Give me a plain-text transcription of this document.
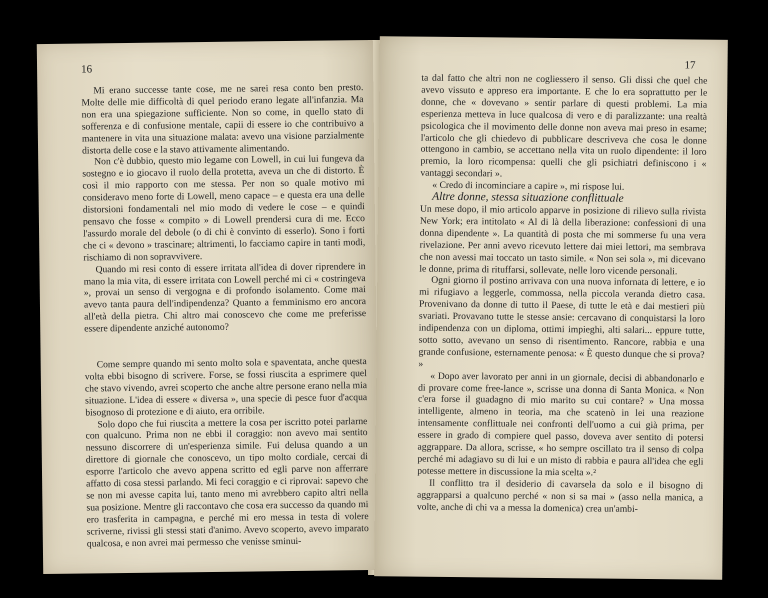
16

Mi erano successe tante cose, me ne sarei resa conto ben presto. Molte delle mie difficoltà di quel periodo erano legate all'infanzia. Ma non era una spiegazione sufficiente. Non so come, in quello stato di sofferenza e di confusione mentale, capii di essere io che contribuivo a mantenere in vita una situazione malata: avevo una visione parzialmente distorta delle cose e la stavo attivamente alimentando.

Non c'è dubbio, questo mio legame con Lowell, in cui lui fungeva da sostegno e io giocavo il ruolo della protetta, aveva un che di distorto. È così il mio rapporto con me stessa. Per non so quale motivo mi consideravo meno forte di Lowell, meno capace – e questa era una delle distorsioni fondamentali nel mio modo di vedere le cose – e quindi pensavo che fosse « compito » di Lowell prendersi cura di me. Ecco l'assurdo morale del debole (o di chi è convinto di esserlo). Sono i forti che ci « devono » trascinare; altrimenti, lo facciamo capire in tanti modi, rischiamo di non sopravvivere.

Quando mi resi conto di essere irritata all'idea di dover riprendere in mano la mia vita, di essere irritata con Lowell perché mi ci « costringeva », provai un senso di vergogna e di profondo isolamento. Come mai avevo tanta paura dell'indipendenza? Quanto a femminismo ero ancora all'età della pietra. Chi altro mai conoscevo che come me preferisse essere dipendente anziché autonomo?

Come sempre quando mi sento molto sola e spaventata, anche questa volta ebbi bisogno di scrivere. Forse, se fossi riuscita a esprimere quel che stavo vivendo, avrei scoperto che anche altre persone erano nella mia situazione. L'idea di essere « diversa », una specie di pesce fuor d'acqua bisognoso di protezione e di aiuto, era orribile.

Solo dopo che fui riuscita a mettere la cosa per iscritto potei parlarne con qualcuno. Prima non ne ebbi il coraggio: non avevo mai sentito nessuno discorrere di un'esperienza simile. Fui delusa quando a un direttore di giornale che conoscevo, un tipo molto cordiale, cercai di esporre l'articolo che avevo appena scritto ed egli parve non afferrare affatto di cosa stessi parlando. Mi feci coraggio e ci riprovai: sapevo che se non mi avesse capita lui, tanto meno mi avrebbero capito altri nella sua posizione. Mentre gli raccontavo che cosa era successo da quando mi ero trasferita in campagna, e perché mi ero messa in testa di volere scriverne, rivissi gli stessi stati d'animo. Avevo scoperto, avevo imparato qualcosa, e non avrei mai permesso che venisse sminui-

17

ta dal fatto che altri non ne cogliessero il senso. Gli dissi che quel che avevo vissuto e appreso era importante. E che lo era soprattutto per le donne, che « dovevano » sentir parlare di questi problemi. La mia esperienza metteva in luce qualcosa di vero e di paralizzante: una realtà psicologica che il movimento delle donne non aveva mai preso in esame; l'articolo che gli chiedevo di pubblicare descriveva che cosa le donne ottengono in cambio, se accettano nella vita un ruolo dipendente: il loro premio, la loro ricompensa: quelli che gli psichiatri definiscono i « vantaggi secondari ».

« Credo di incominciare a capire », mi rispose lui.

Altre donne, stessa situazione conflittuale

Un mese dopo, il mio articolo apparve in posizione di rilievo sulla rivista New York; era intitolato « Al di là della liberazione: confessioni di una donna dipendente ». La quantità di posta che mi sommerse fu una vera rivelazione. Per anni avevo ricevuto lettere dai miei lettori, ma sembrava che non avessi mai toccato un tasto simile. « Non sei sola », mi dicevano le donne, prima di rituffarsi, sollevate, nelle loro vicende personali.

Ogni giorno il postino arrivava con una nuova infornata di lettere, e io mi rifugiavo a leggerle, commossa, nella piccola veranda dietro casa. Provenivano da donne di tutto il Paese, di tutte le età e dai mestieri più svariati. Provavano tutte le stesse ansie: cercavano di conquistarsi la loro indipendenza con un diploma, ottimi impieghi, alti salari... eppure tutte, sotto sotto, avevano un senso di risentimento. Rancore, rabbia e una grande confusione, esternamente penosa: « È questo dunque che si prova? »

« Dopo aver lavorato per anni in un giornale, decisi di abbandonarlo e di provare come free-lance », scrisse una donna di Santa Monica. « Non c'era forse il guadagno di mio marito su cui contare? » Una mossa intelligente, almeno in teoria, ma che scatenò in lei una reazione intensamente conflittuale nei confronti dell'uomo a cui già prima, per essere in grado di compiere quel passo, doveva aver sentito di potersi aggrappare. Da allora, scrisse, « ho sempre oscillato tra il senso di colpa perché mi adagiavo su di lui e un misto di rabbia e paura all'idea che egli potesse mettere in discussione la mia scelta ».²

Il conflitto tra il desiderio di cavarsela da solo e il bisogno di aggrapparsi a qualcuno perché « non si sa mai » (asso nella manica, a volte, anche di chi va a messa la domenica) crea un'ambi-
